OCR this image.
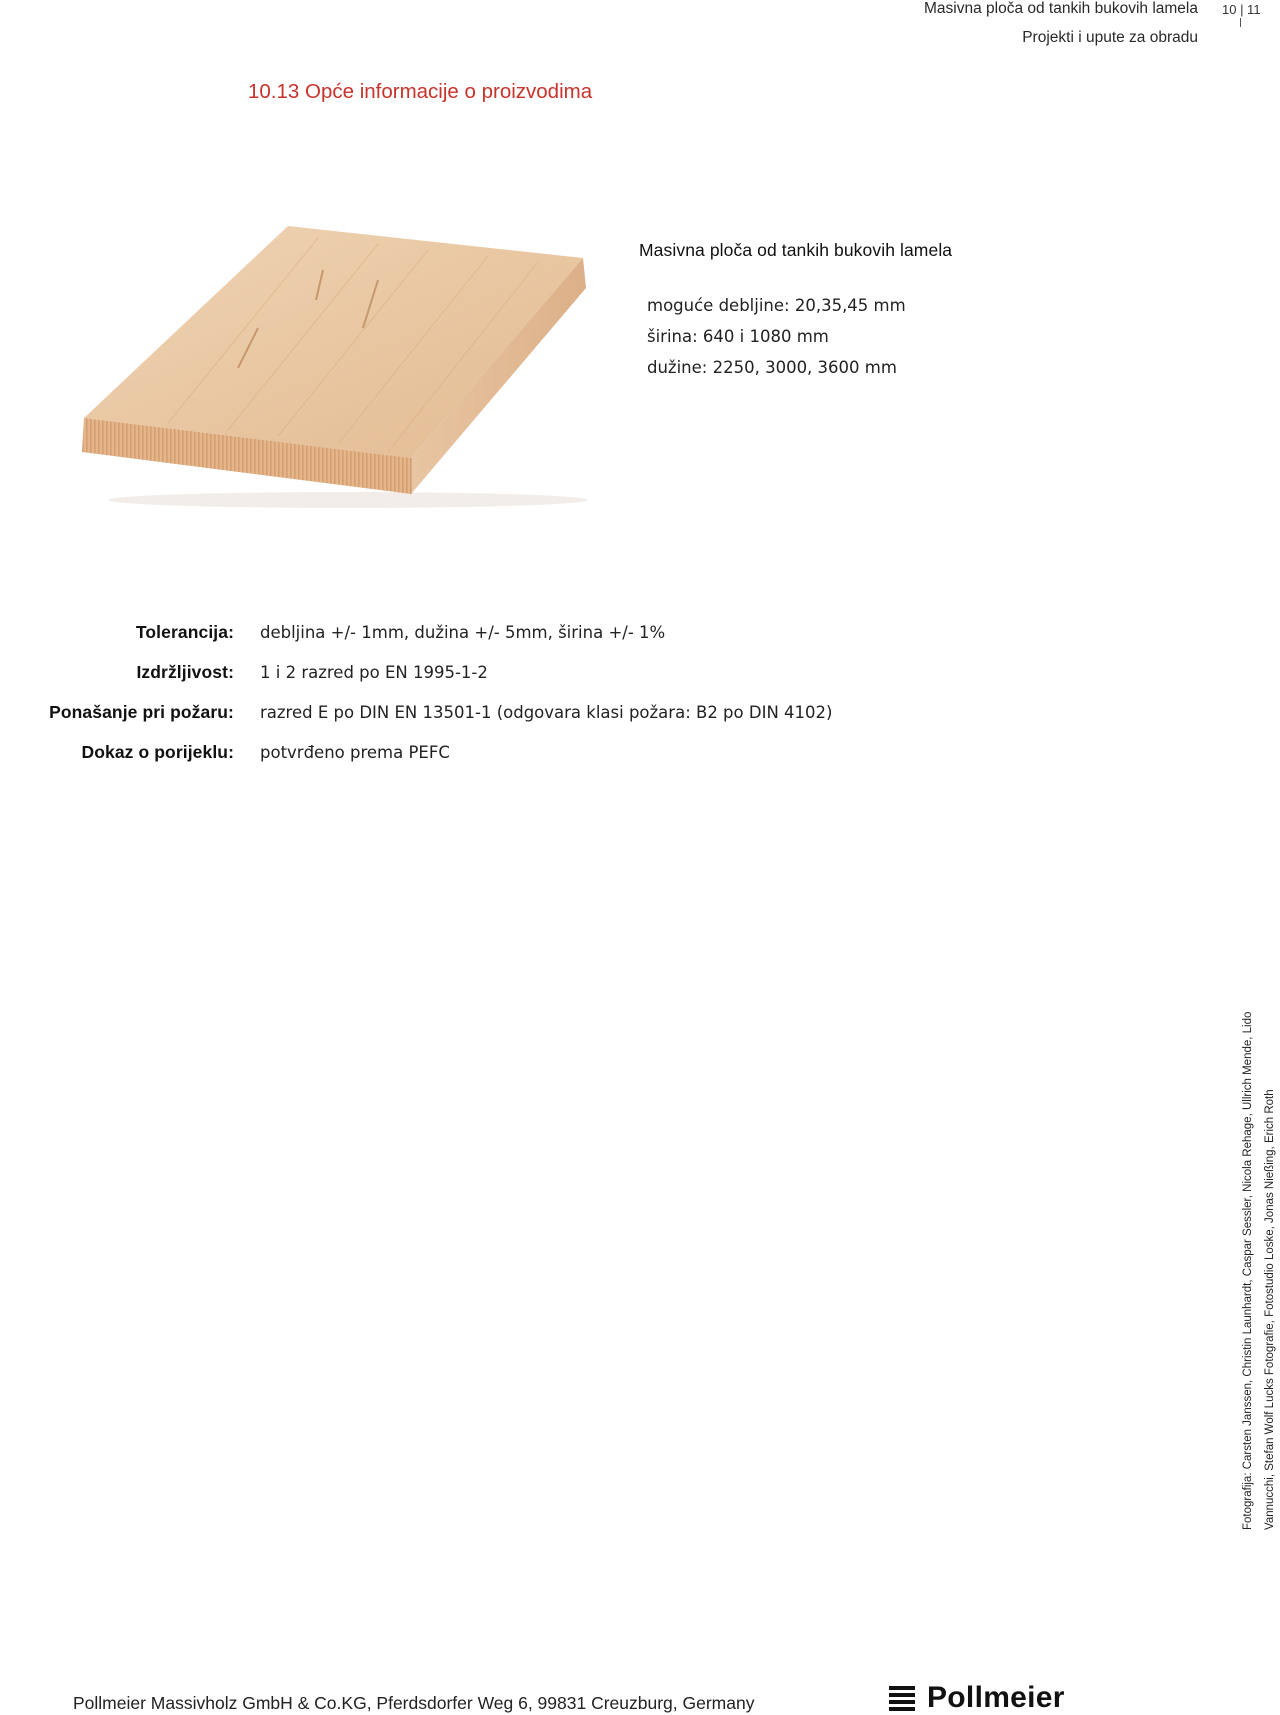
Masivna ploča od tankih bukovih lamela
Projekti i upute za obradu
10 | 11
10.13 Opće informacije o proizvodima
Masivna ploča od tankih bukovih lamela
moguće debljine: 20,35,45 mm
širina: 640 i 1080 mm
dužine: 2250, 3000, 3600 mm
Tolerancija: debljina +/- 1mm, dužina +/- 5mm, širina +/- 1%
Izdržljivost: 1 i 2 razred po EN 1995-1-2
Ponašanje pri požaru: razred E po DIN EN 13501-1 (odgovara klasi požara: B2 po DIN 4102)
Dokaz o porijeklu: potvrđeno prema PEFC
Fotografija: Carsten Janssen, Christin Launhardt, Caspar Sessler, Nicola Rehage, Ullrich Mende, Lido Vannucchi, Stefan Wolf Lucks Fotografie, Fotostudio Loske, Jonas Nießing, Erich Roth
Pollmeier Massivholz GmbH & Co.KG, Pferdsdorfer Weg 6, 99831 Creuzburg, Germany	Pollmeier
